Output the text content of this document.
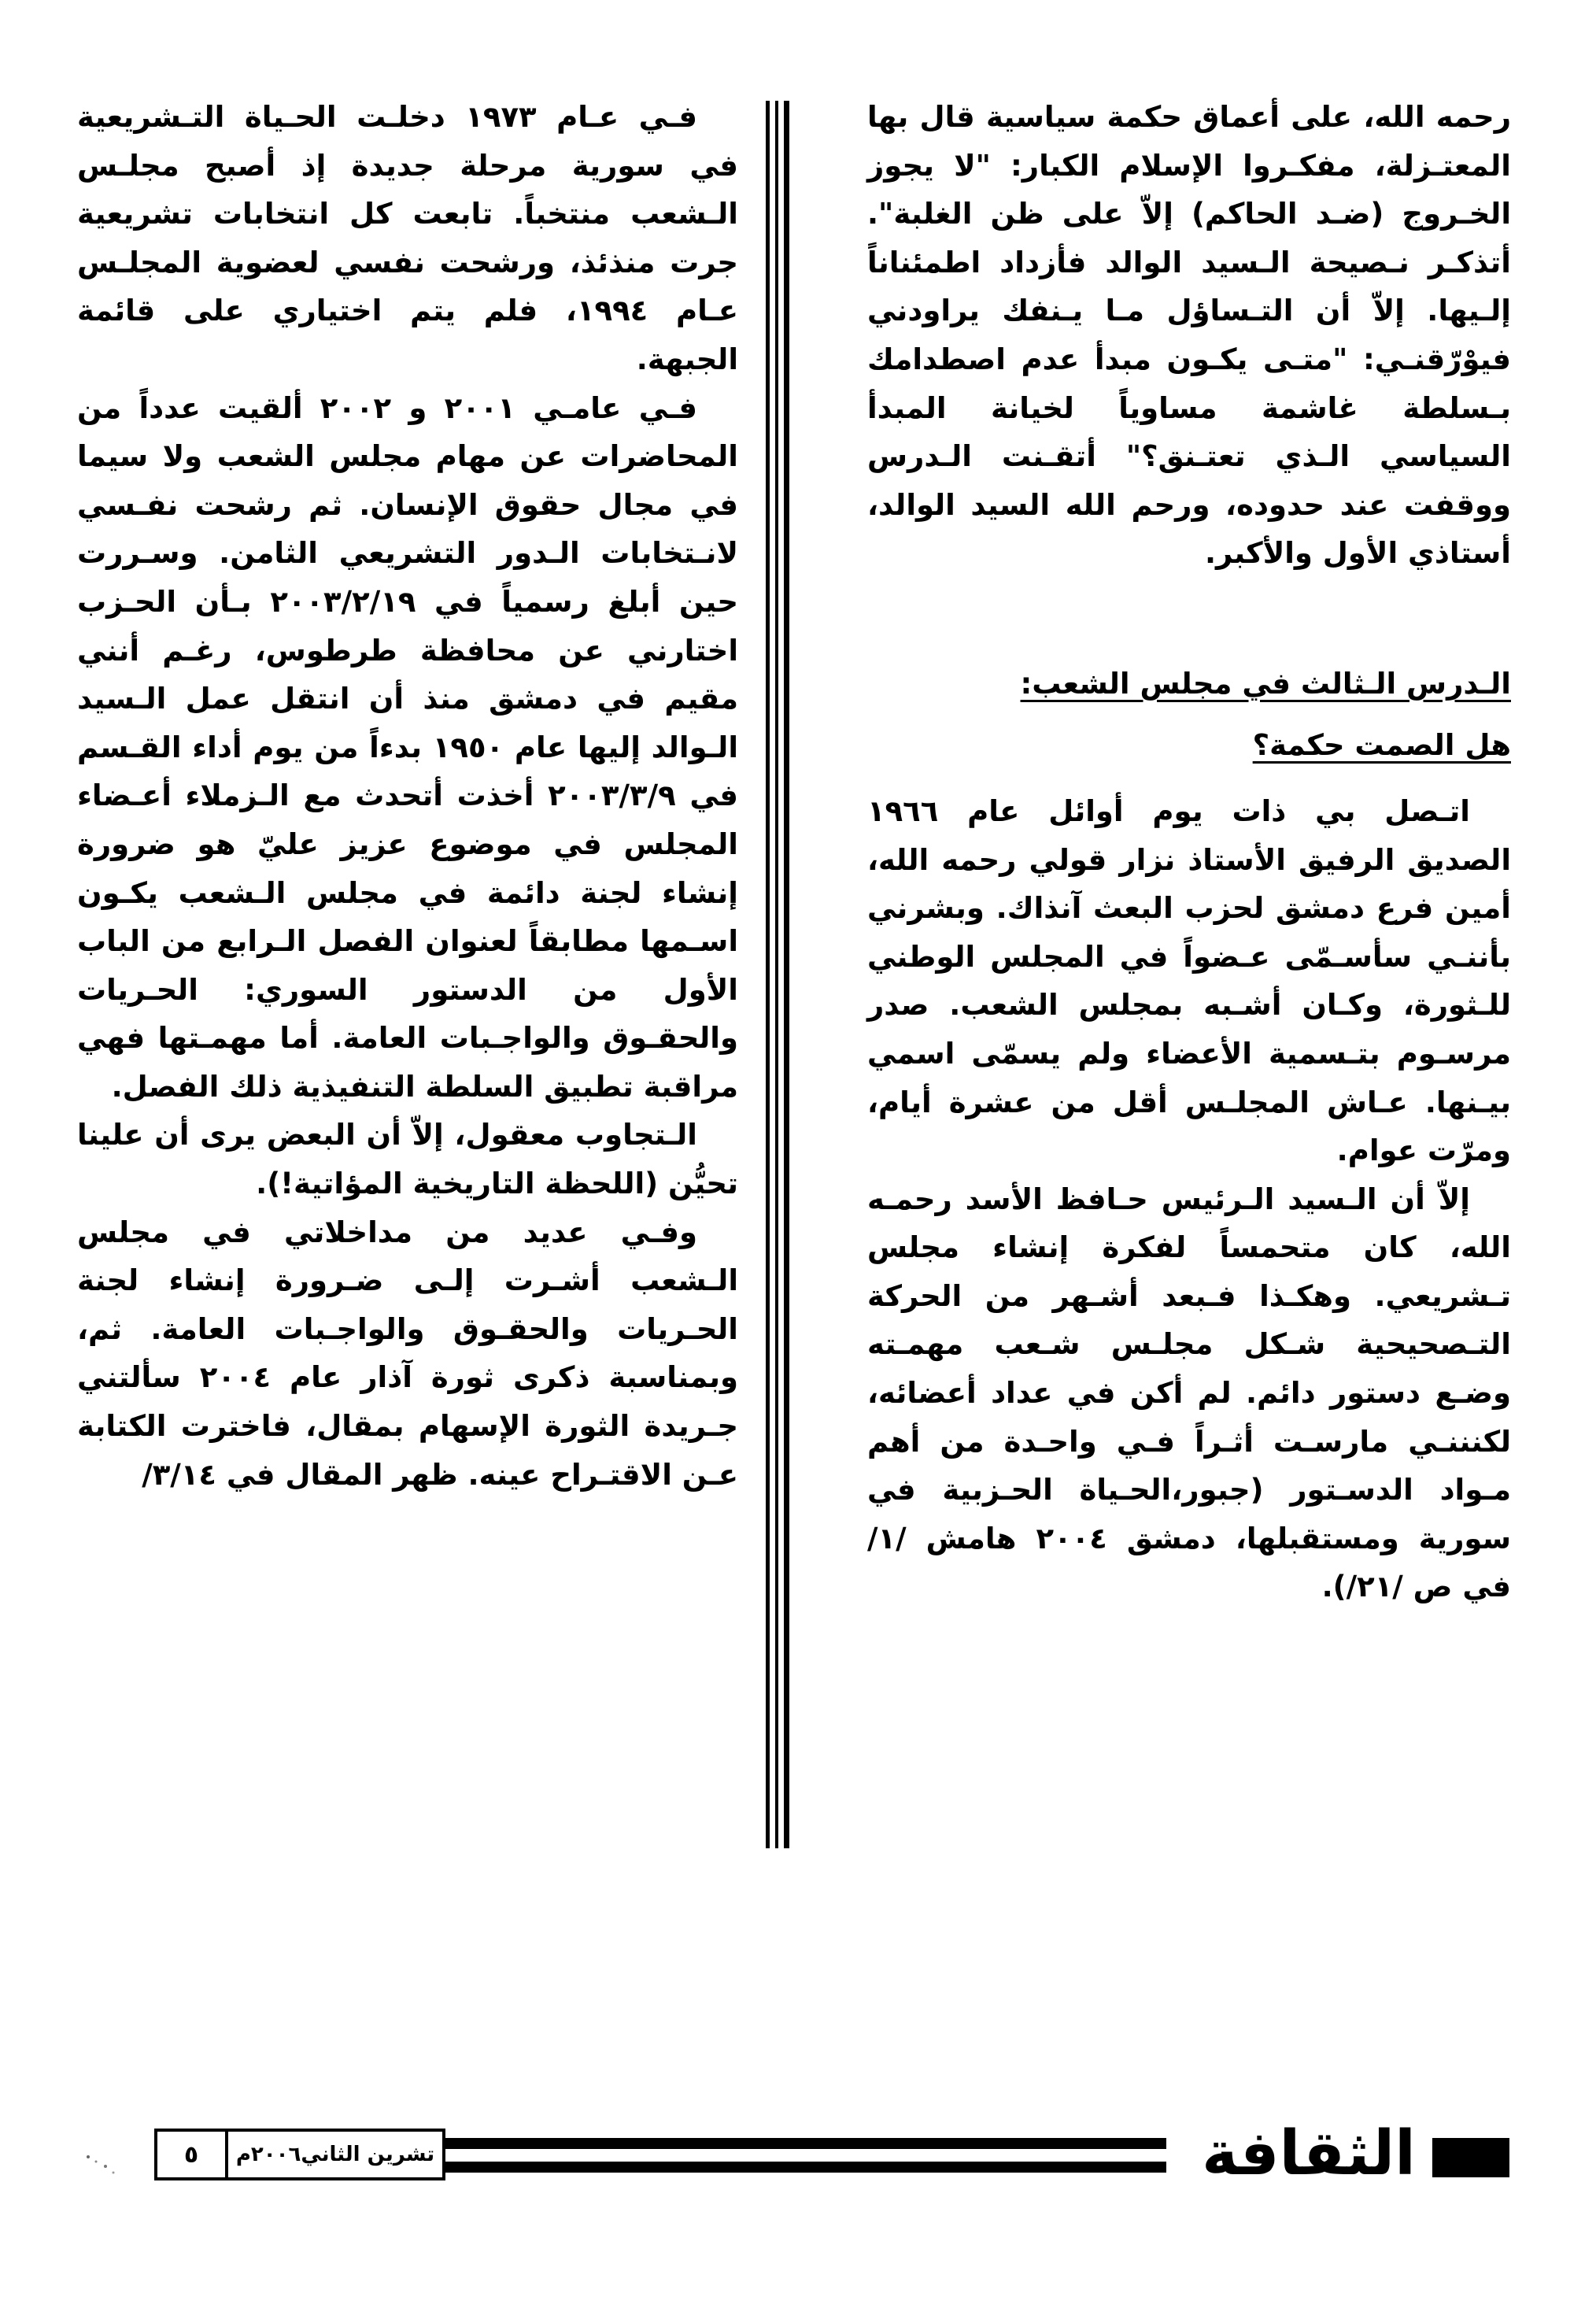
رحمه الله، على أعماق حكمة سياسية قال بها المعتـزلة، مفكـروا الإسلام الكبار: "لا يجوز الخـروج (ضـد الحاكم) إلاّ على ظن الغلبة". أتذكـر نـصيحة الـسيد الوالد فأزداد اطمئناناً إلـيها. إلاّ أن التـساؤل مـا يـنفك يراودني فيوْرّقنـي: "متـى يكـون مبدأ عدم اصطدامك بـسلطة غاشمة مساوياً لخيانة المبدأ السياسي الـذي تعتـنق؟" أتقـنت الـدرس ووقفت عند حدوده، ورحم الله السيد الوالد، أستاذي الأول والأكبر.

الـدرس الـثالث في مجلس الشعب:

هل الصمت حكمة؟

اتـصل بي ذات يوم أوائل عام ١٩٦٦ الصديق الرفيق الأستاذ نزار قولي رحمه الله، أمين فرع دمشق لحزب البعث آنذاك. وبشرني بأننـي سأسـمّى عـضواً في المجلس الوطني للـثورة، وكـان أشـبه بمجلس الشعب. صدر مرسـوم بتـسمية الأعضاء ولم يسمّى اسمي بيـنها. عـاش المجلـس أقل من عشرة أيام، ومرّت عوام.

إلاّ أن الـسيد الـرئيس حـافظ الأسد رحمـه الله، كان متحمساً لفكرة إنشاء مجلس تـشريعي. وهكـذا فـبعد أشـهر من الحركة التـصحيحية شـكل مجلـس شـعب مهمـته وضـع دستور دائم. لم أكن في عداد أعضائه، لكنننـي مارسـت أثـراً فـي واحـدة من أهم مـواد الدسـتور (جبور،الحـياة الحـزبية في سورية ومستقبلها، دمشق ٢٠٠٤ هامش /١/ في ص /٢١/).

فـي عـام ١٩٧٣ دخلـت الحـياة التـشريعية في سورية مرحلة جديدة إذ أصبح مجلـس الـشعب منتخباً. تابعت كل انتخابات تشريعية جرت منذئذ، ورشحت نفسي لعضوية المجلـس عـام ١٩٩٤، فلم يتم اختياري على قائمة الجبهة.

فـي عامـي ٢٠٠١ و ٢٠٠٢ ألقيت عدداً من المحاضرات عن مهام مجلس الشعب ولا سيما في مجال حقوق الإنسان. ثم رشحت نفـسي لانـتخابات الـدور التشريعي الثامن. وسـررت حين أبلغ رسمياً في ٢٠٠٣/٢/١٩ بـأن الحـزب اختارني عن محافظة طرطوس، رغـم أنني مقيم في دمشق منذ أن انتقل عمل الـسيد الـوالد إليها عام ١٩٥٠ بدءاً من يوم أداء القـسم في ٢٠٠٣/٣/٩ أخذت أتحدث مع الـزملاء أعـضاء المجلس في موضوع عزيز عليّ هو ضرورة إنشاء لجنة دائمة في مجلس الـشعب يكـون اسـمها مطابقاً لعنوان الفصل الـرابع من الباب الأول من الدستور السوري: الحـريات والحقـوق والواجـبات العامة. أما مهمـتها فهي مراقبة تطبيق السلطة التنفيذية ذلك الفصل.

الـتجاوب معقول، إلاّ أن البعض يرى أن علينا تحيُّن (اللحظة التاريخية المؤاتية!).

وفـي عديد من مداخلاتي في مجلس الـشعب أشـرت إلـى ضـرورة إنشاء لجنة الحـريات والحقـوق والواجـبات العامة. ثم، وبمناسبة ذكرى ثورة آذار عام ٢٠٠٤ سألتني جـريدة الثورة الإسهام بمقال، فاخترت الكتابة عـن الاقتـراح عينه. ظهر المقال في ٣/١٤/

الثقافة
٥	تشرين الثاني٢٠٠٦م
